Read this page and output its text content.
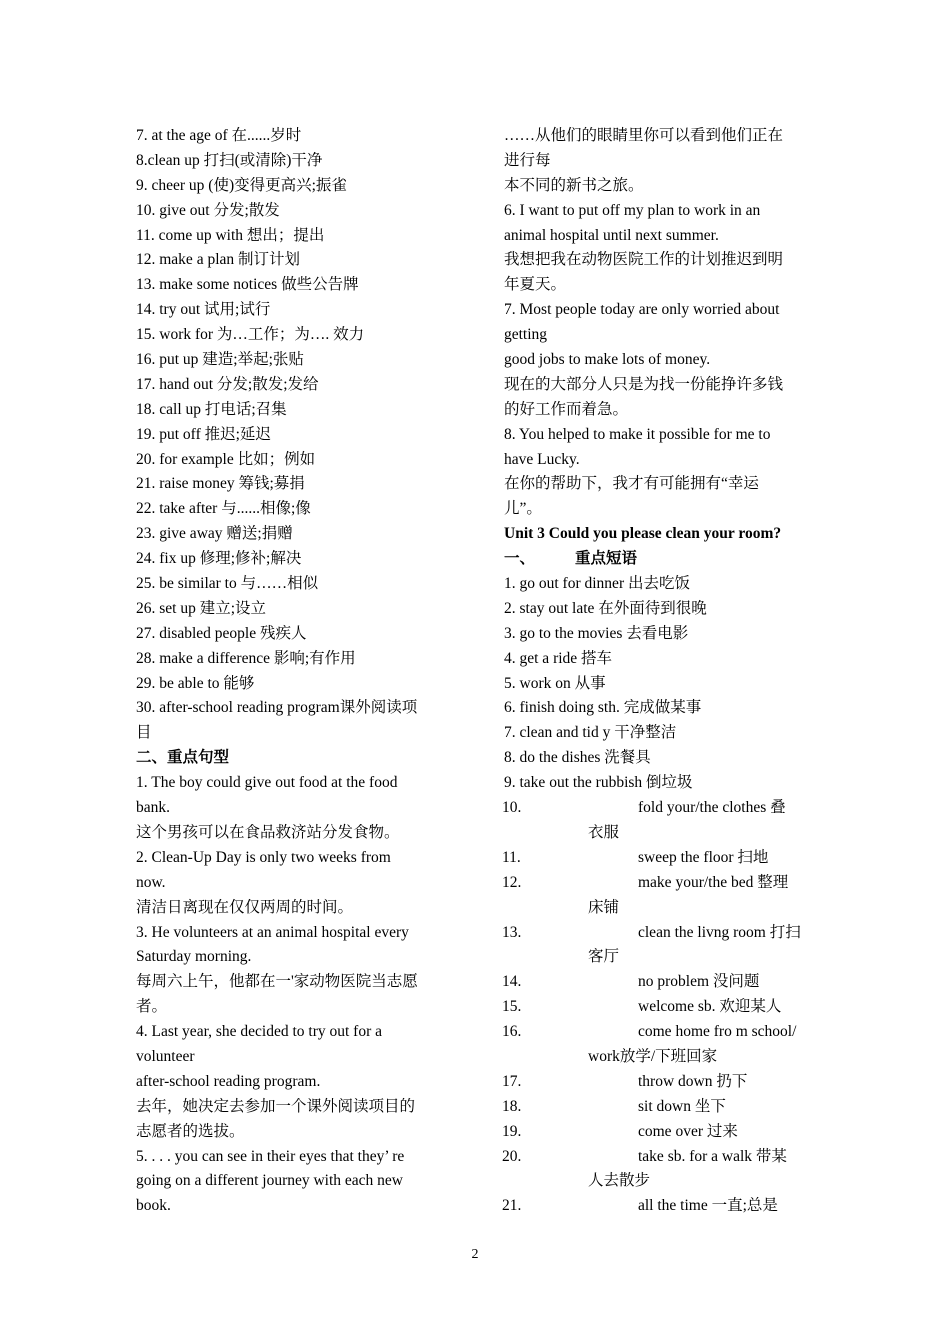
7. at the age of 在......岁时
8.clean up 打扫(或清除)干净
9. cheer up (使)变得更高兴;振雀
10. give out 分发;散发
11. come up with 想出；提出
12. make a plan 制订计划
13. make some notices 做些公告牌
14. try out 试用;试行
15. work for 为…工作；为…. 效力
16. put up 建造;举起;张贴
17. hand out 分发;散发;发给
18. call up 打电话;召集
19. put off 推迟;延迟
20. for example 比如；例如
21. raise money 筹钱;募捐
22. take after 与......相像;像
23. give away 赠送;捐赠
24. fix up 修理;修补;解决
25. be similar to 与……相似
26. set up 建立;设立
27. disabled people 残疾人
28. make a difference 影响;有作用
29. be able to 能够
30. after-school reading program课外阅读项
目
二、重点句型
1. The boy could give out food at the food
bank.
这个男孩可以在食品救济站分发食物。
2. Clean-Up Day is only two weeks from
now.
清洁日离现在仅仅两周的时间。
3. He volunteers at an animal hospital every
Saturday morning.
每周六上午，他都在一'家动物医院当志愿
者。
4. Last year, she decided to try out for a
volunteer
after-school reading program.
去年，她决定去参加一个课外阅读项目的
志愿者的选拔。
5. . . . you can see in their eyes that they’ re
going on a different journey with each new
book.
……从他们的眼睛里你可以看到他们正在
进行每
本不同的新书之旅。
6. I want to put off my plan to work in an
animal hospital until next summer.
我想把我在动物医院工作的计划推迟到明
年夏天。
7. Most people today are only worried about
getting
good jobs to make lots of money.
现在的大部分人只是为找一份能挣许多钱
的好工作而着急。
8. You helped to make it possible for me to
have Lucky.
在你的帮助下，我才有可能拥有“幸运
儿”。
Unit 3 Could you please clean your room?
一、	重点短语
1. go out for dinner 出去吃饭
2. stay out late 在外面待到很晚
3. go to the movies 去看电影
4. get a ride 搭车
5. work on 从事
6. finish doing sth. 完成做某事
7. clean and tid y 干净整洁
8. do the dishes 洗餐具
9. take out the rubbish 倒垃圾
10.	fold your/the clothes 叠
衣服
11.	sweep the floor 扫地
12.	make your/the bed 整理
床铺
13.	clean the livng room 打扫
客厅
14.	no problem 没问题
15.	welcome sb. 欢迎某人
16.	come home fro m school/
work放学/下班回家
17.	throw down 扔下
18.	sit down 坐下
19.	come over 过来
20.	take sb. for a walk 带某
人去散步
21.	all the time 一直;总是
2
